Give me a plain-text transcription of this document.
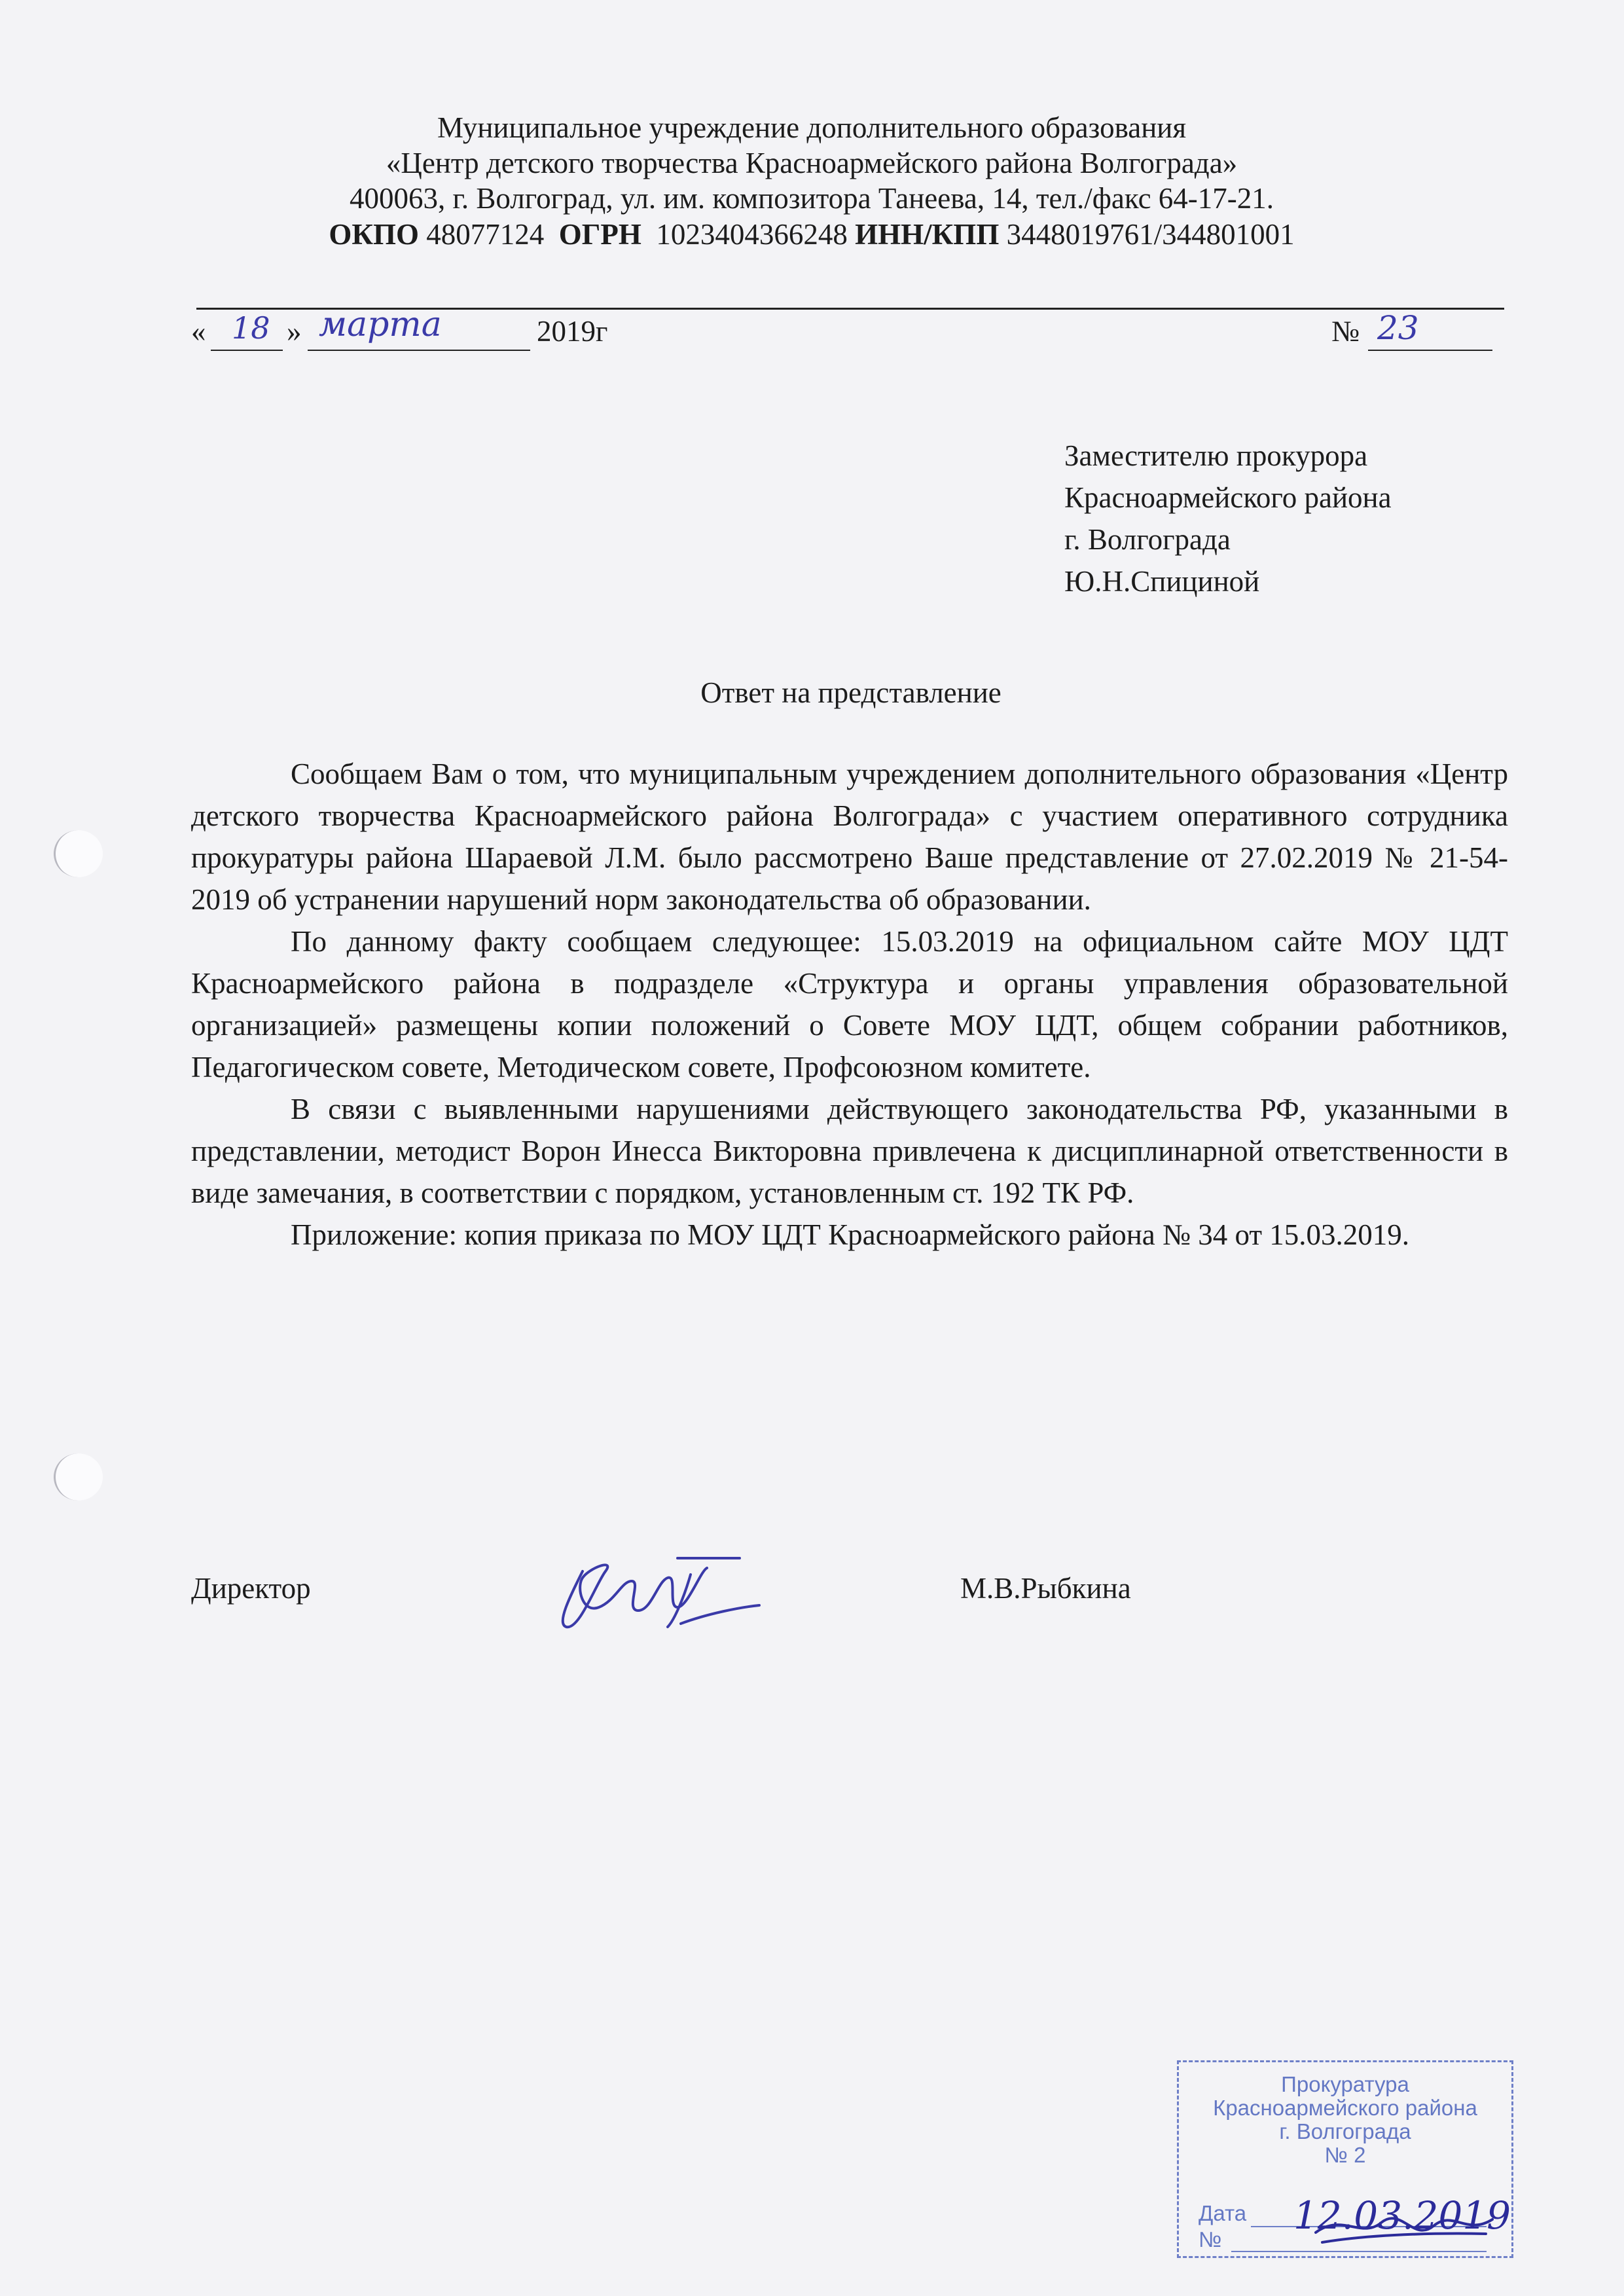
Муниципальное учреждение дополнительного образования
«Центр детского творчества Красноармейского района Волгограда»
400063, г. Волгоград, ул. им. композитора Танеева, 14, тел./факс 64-17-21.
ОКПО 48077124 ОГРН 1023404366248 ИНН/КПП 3448019761/344801001
« 18 » марта	2019г	№ 23
Заместителю прокурора
Красноармейского района
г. Волгограда
Ю.Н.Спициной
Ответ на представление

Сообщаем Вам о том, что муниципальным учреждением дополнительного образования «Центр детского творчества Красноармейского района Волгограда» с участием оперативного сотрудника прокуратуры района Шараевой Л.М. было рассмотрено Ваше представление от 27.02.2019 № 21-54-2019 об устранении нарушений норм законодательства об образовании.

По данному факту сообщаем следующее: 15.03.2019 на официальном сайте МОУ ЦДТ Красноармейского района в подразделе «Структура и органы управления образовательной организацией» размещены копии положений о Совете МОУ ЦДТ, общем собрании работников, Педагогическом совете, Методическом совете, Профсоюзном комитете.

В связи с выявленными нарушениями действующего законодательства РФ, указанными в представлении, методист Ворон Инесса Викторовна привлечена к дисциплинарной ответственности в виде замечания, в соответствии с порядком, установленным ст. 192 ТК РФ.

Приложение: копия приказа по МОУ ЦДТ Красноармейского района № 34 от 15.03.2019.

Директор	М.В.Рыбкина
Прокуратура
Красноармейского района
г. Волгограда
№ 2
Дата 12.03.2019
№
